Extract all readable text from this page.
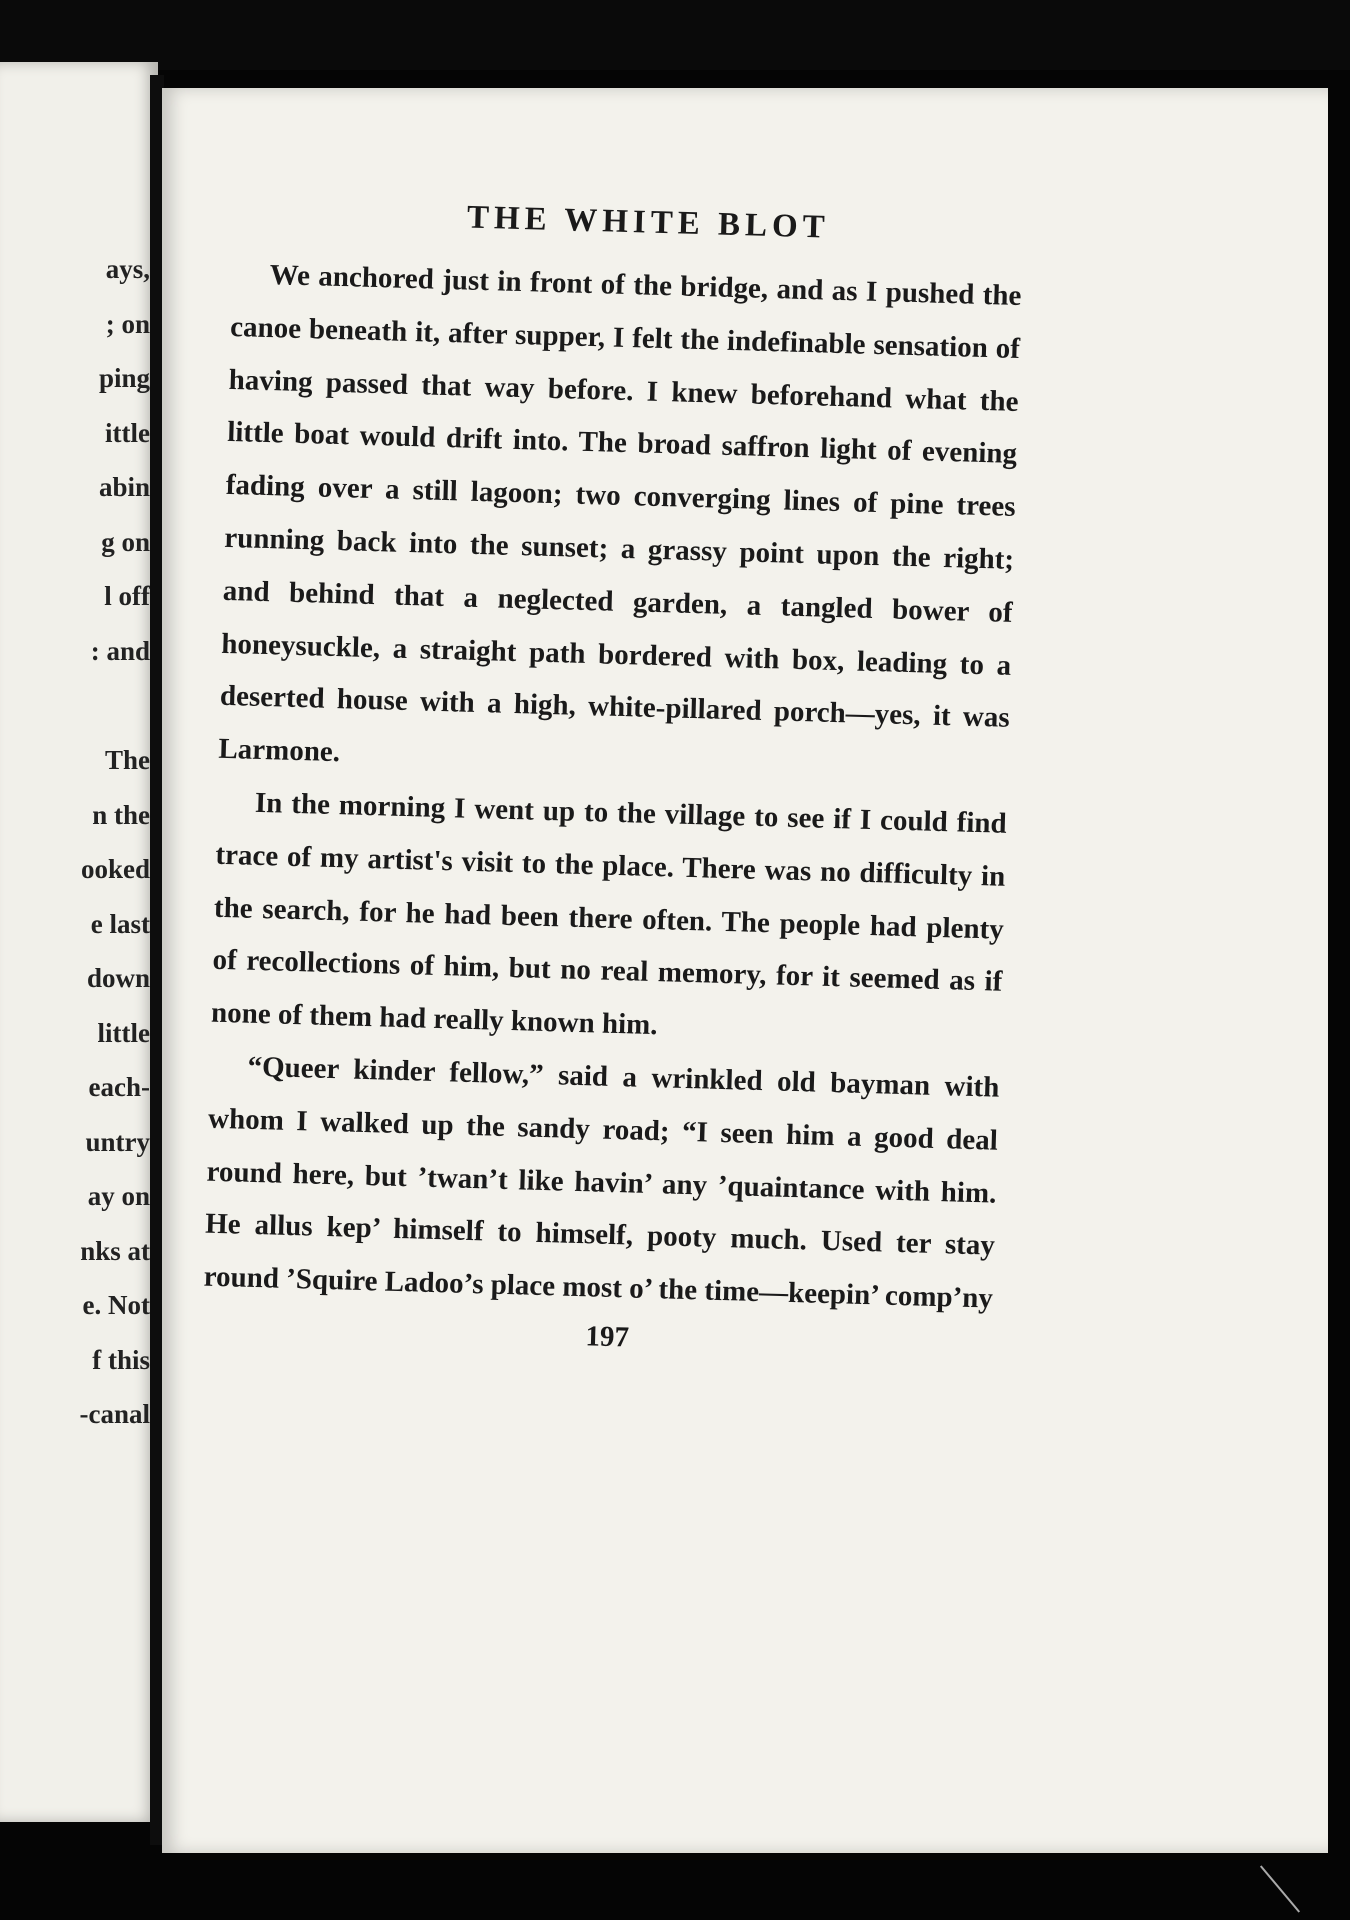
ays,
; on
ping
ittle
abin
g on
l off
: and
The
n the
ooked
e last
down
little
each-
untry
ay on
nks at
e. Not
f this
-canal
THE WHITE BLOT

We anchored just in front of the bridge, and as I pushed the canoe beneath it, after supper, I felt the indefinable sensation of having passed that way before. I knew beforehand what the little boat would drift into. The broad saffron light of evening fading over a still lagoon; two converging lines of pine trees running back into the sunset; a grassy point upon the right; and behind that a neglected garden, a tangled bower of honeysuckle, a straight path bordered with box, leading to a deserted house with a high, white-pillared porch—yes, it was Larmone.

In the morning I went up to the village to see if I could find trace of my artist's visit to the place. There was no difficulty in the search, for he had been there often. The people had plenty of recollections of him, but no real memory, for it seemed as if none of them had really known him.

“Queer kinder fellow,” said a wrinkled old bayman with whom I walked up the sandy road; “I seen him a good deal round here, but ’twan’t like havin’ any ’quaintance with him. He allus kep’ himself to himself, pooty much. Used ter stay round ’Squire Ladoo’s place most o’ the time—keepin’ comp’ny

197
